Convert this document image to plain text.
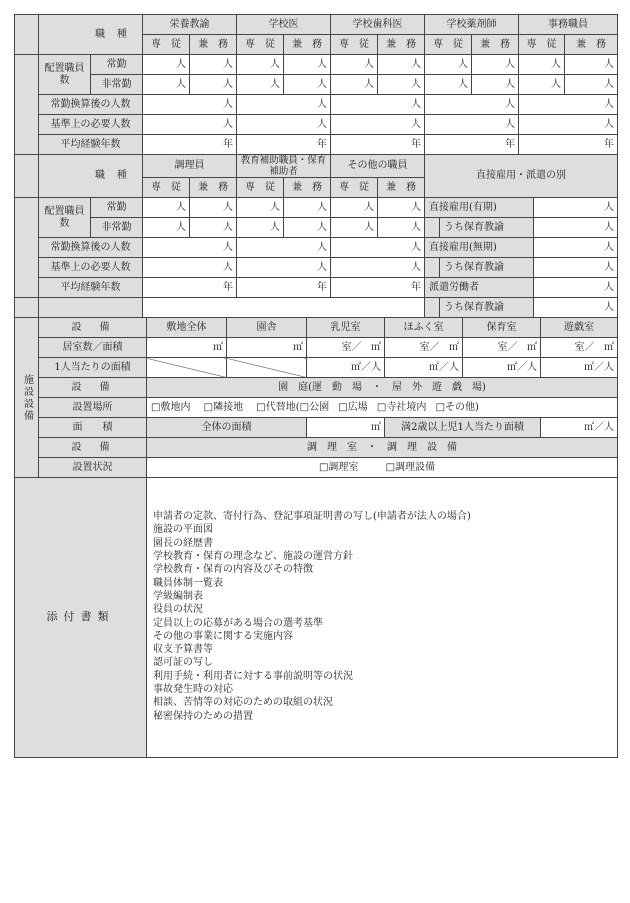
	職種		栄養教諭		学校医		学校歯科医		学校薬剤師		事務職員	
			専　従	兼　務	専　従	兼　務	専　従	兼　務	専　従	兼　務	専　従	兼　務
	配置職員数	常勤	人	人	人	人	人	人	人	人	人	人
		非常勤	人	人	人	人	人	人	人	人	人	人
	常勤換算後の人数		人		人		人		人		人	
	基準上の必要人数		人		人		人		人		人	
	平均経験年数		年		年		年		年		年	
	職種		調理員		教育補助職員・保育補助者		その他の職員		直接雇用・派遣の別		
			専　従	兼　務	専　従	兼　務	専　従	兼　務			
	配置職員数	常勤	人	人	人	人	人	人	直接雇用(有期)		人
		非常勤	人	人	人	人	人	人		うち保育教諭	人
	常勤換算後の人数		人		人		人		直接雇用(無期)		人
	基準上の必要人数		人		人		人			うち保育教諭	人
	平均経験年数		年		年		年		派遣労働者		人
										うち保育教諭	人
施設設備	設　備	敷地全体	園舎	乳児室	ほふく室	保育室	遊戯室
	居室数／面積	㎡	㎡	室／ ㎡	室／ ㎡	室／ ㎡	室／ ㎡
	1人当たりの面積			㎡／人	㎡／人	㎡／人	㎡／人
	設　備	園　庭(運　動　場　・　屋　外　遊　戯　場)					
	設置場所	□敷地内 □隣接地 □代替地(□公園 □広場 □寺社境内 □その他)					
	面　　積	全体の面積		㎡	満2歳以上児1人当たり面積		㎡／人
	設　備	調　理　室　・　調　理　設　備					
	設置状況	□調理室 □調理設備					
添付書類	
申請者の定款、寄付行為、登記事項証明書の写し(申請者が法人の場合)
施設の平面図
園長の経歴書
学校教育・保育の理念など、施設の運営方針
学校教育・保育の内容及びその特徴
職員体制一覧表
学級編制表
役員の状況
定員以上の応募がある場合の選考基準
その他の事業に関する実施内容
収支予算書等
認可証の写し
利用手続・利用者に対する事前説明等の状況
事故発生時の対応
相談、苦情等の対応のための取組の状況
秘密保持のための措置
